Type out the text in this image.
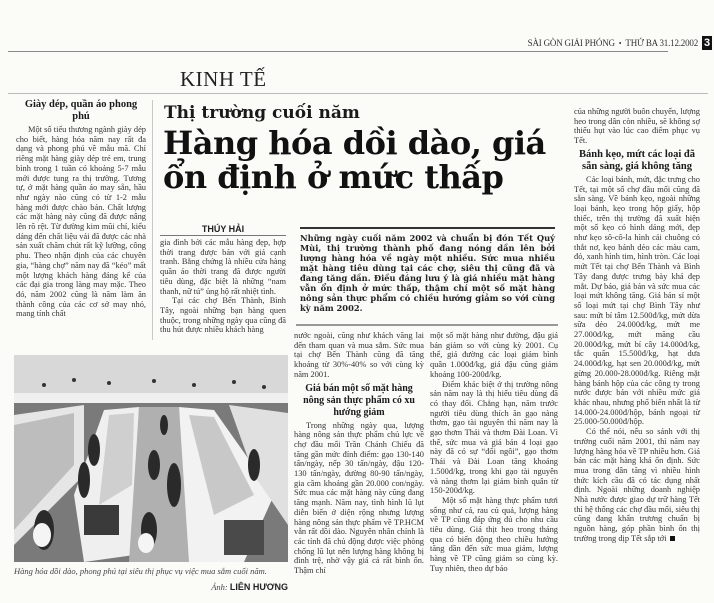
SÀI GÒN GIẢI PHÓNG • THỨ BA 31.12.2002 3
KINH TẾ
Giày dép, quần áo phong phú

Một số tiểu thương ngành giày dép cho biết, hàng hóa năm nay rất đa dạng và phong phú về mẫu mã. Chỉ riêng mặt hàng giày dép trẻ em, trung bình trong 1 tuần có khoảng 5-7 mẫu mới được tung ra thị trường. Tương tự, ở mặt hàng quần áo may sẵn, hầu như ngày nào cũng có từ 1-2 mẫu hàng mới được chào bán. Chất lượng các mặt hàng này cũng đã được nâng lên rõ rệt. Từ đường kim mũi chỉ, kiểu dáng đến chất liệu vải đã được các nhà sản xuất chăm chút rất kỹ lưỡng, công phu. Theo nhận định của các chuyên gia, “hàng chợ” năm nay đã “kéo” mất một lượng khách hàng đáng kể của các đại gia trong làng may mặc. Theo đó, năm 2002 cũng là năm làm ăn thành công của các cơ sở may nhỏ, mang tính chất

Thị trường cuối năm
Hàng hóa dồi dào, giá ổn định ở mức thấp
THÚY HẢI

gia đình bởi các mẫu hàng đẹp, hợp thời trang được bán với giá cạnh tranh. Bằng chứng là nhiều cửa hàng quần áo thời trang đã được người tiêu dùng, đặc biệt là những “nam thanh, nữ tú” ủng hộ rất nhiệt tình.

Tại các chợ Bến Thành, Bình Tây, ngoài những bạn hàng quen thuộc, trong những ngày qua cũng đã thu hút được nhiều khách hàng

Những ngày cuối năm 2002 và chuẩn bị đón Tết Quý Mùi, thị trường thành phố đang nóng dần lên bởi lượng hàng hóa về ngày một nhiều. Sức mua nhiều mặt hàng tiêu dùng tại các chợ, siêu thị cũng đã và đang tăng dần. Điều đáng lưu ý là giá nhiều mặt hàng vẫn ổn định ở mức thấp, thậm chí một số mặt hàng nông sản thực phẩm có chiều hướng giảm so với cùng kỳ năm 2002.

nước ngoài, cũng như khách vãng lai đến tham quan và mua sắm. Sức mua tại chợ Bến Thành cũng đã tăng khoảng từ 30%-40% so với cùng kỳ năm 2001.

Giá bán một số mặt hàng nông sản thực phẩm có xu hướng giảm

Trong những ngày qua, lượng hàng nông sản thực phẩm chủ lực về chợ đầu mối Trần Chánh Chiếu đã tăng gần mức đỉnh điểm: gạo 130-140 tấn/ngày, nếp 30 tấn/ngày, đậu 120-130 tấn/ngày, đường 80-90 tấn/ngày, gia cầm khoảng gần 20.000 con/ngày. Sức mua các mặt hàng này cũng đang tăng mạnh. Năm nay, tình hình lũ lụt diễn biến ở diện rộng nhưng lượng hàng nông sản thực phẩm về TP.HCM vẫn rất dồi dào. Nguyên nhân chính là các tỉnh đã chủ động được việc phòng chống lũ lụt nên lượng hàng không bị đình trệ, nhờ vậy giá cả rất bình ổn. Thậm chí

một số mặt hàng như đường, đậu giá bán giảm so với cùng kỳ 2001. Cụ thể, giá đường các loại giảm bình quân 1.000đ/kg, giá đậu cũng giảm khoảng 100-200đ/kg.

Điểm khác biệt ở thị trường nông sản năm nay là thị hiếu tiêu dùng đã có thay đổi. Chẳng hạn, năm trước người tiêu dùng thích ăn gạo nàng thơm, gạo tài nguyên thì năm nay là gạo thơm Thái và thơm Đài Loan. Vì thế, sức mua và giá bán 4 loại gạo này đã có sự “đổi ngôi”, gạo thơm Thái và Đài Loan tăng khoảng 1.500đ/kg, trong khi gạo tài nguyên và nàng thơm lại giảm bình quân từ 150-200đ/kg.

Một số mặt hàng thực phẩm tươi sống như cá, rau củ quả, lượng hàng về TP cũng đáp ứng đủ cho nhu cầu tiêu dùng. Giá thịt heo trong tháng qua có biến động theo chiều hướng tăng dần đến sức mua giảm, lượng hàng về TP cũng giảm so cùng kỳ. Tuy nhiên, theo dự báo

của những người buôn chuyến, lượng heo trong dân còn nhiều, sẽ không sợ thiếu hụt vào lúc cao điểm phục vụ Tết.

Bánh kẹo, mứt các loại đã sẵn sàng, giá không tăng

Các loại bánh, mứt, đặc trưng cho Tết, tại một số chợ đầu mối cũng đã sẵn sàng. Về bánh kẹo, ngoài những loại bánh, kẹo trong hộp giấy, hộp thiếc, trên thị trường đã xuất hiện một số kẹo có hình dáng mới, đẹp như kẹo sô-cô-la hình cái chuông có thắt nơ, kẹo bánh dẻo các màu cam, đỏ, xanh hình tim, hình tròn. Các loại mứt Tết tại chợ Bến Thành và Bình Tây đang được trưng bày khá đẹp mắt. Dự báo, giá bán và sức mua các loại mứt không tăng. Giá bán sỉ một số loại mứt tại chợ Bình Tây như sau: mứt bí tâm 12.500đ/kg, mứt dừa sữa dẻo 24.000đ/kg, mứt me 27.000đ/kg, mứt mãng cầu 20.000đ/kg, mứt bí cây 14.000đ/kg, tắc quấn 15.500đ/kg, hạt dưa 24.000đ/kg, hạt sen 20.000đ/kg, mứt gừng 20.000-28.000đ/kg. Riêng mặt hàng bánh hộp của các công ty trong nước được bán với nhiều mức giá khác nhau, nhưng phổ biến nhất là từ 14.000-24.000đ/hộp, bánh ngoại từ 25.000-50.000đ/hộp.

Có thể nói, nếu so sánh với thị trường cuối năm 2001, thì năm nay lượng hàng hóa về TP nhiều hơn. Giá bán các mặt hàng khá ổn định. Sức mua trong dân tăng vì nhiều hình thức kích cầu đã có tác dụng nhất định. Ngoài những doanh nghiệp Nhà nước được giao dự trữ hàng Tết thì hệ thống các chợ đầu mối, siêu thị cũng đang khẩn trương chuẩn bị nguồn hàng, góp phần bình ổn thị trường trong dịp Tết sắp tới

Hàng hóa dồi dào, phong phú tại siêu thị phục vụ việc mua sắm cuối năm.
Ảnh: LIÊN HƯƠNG
